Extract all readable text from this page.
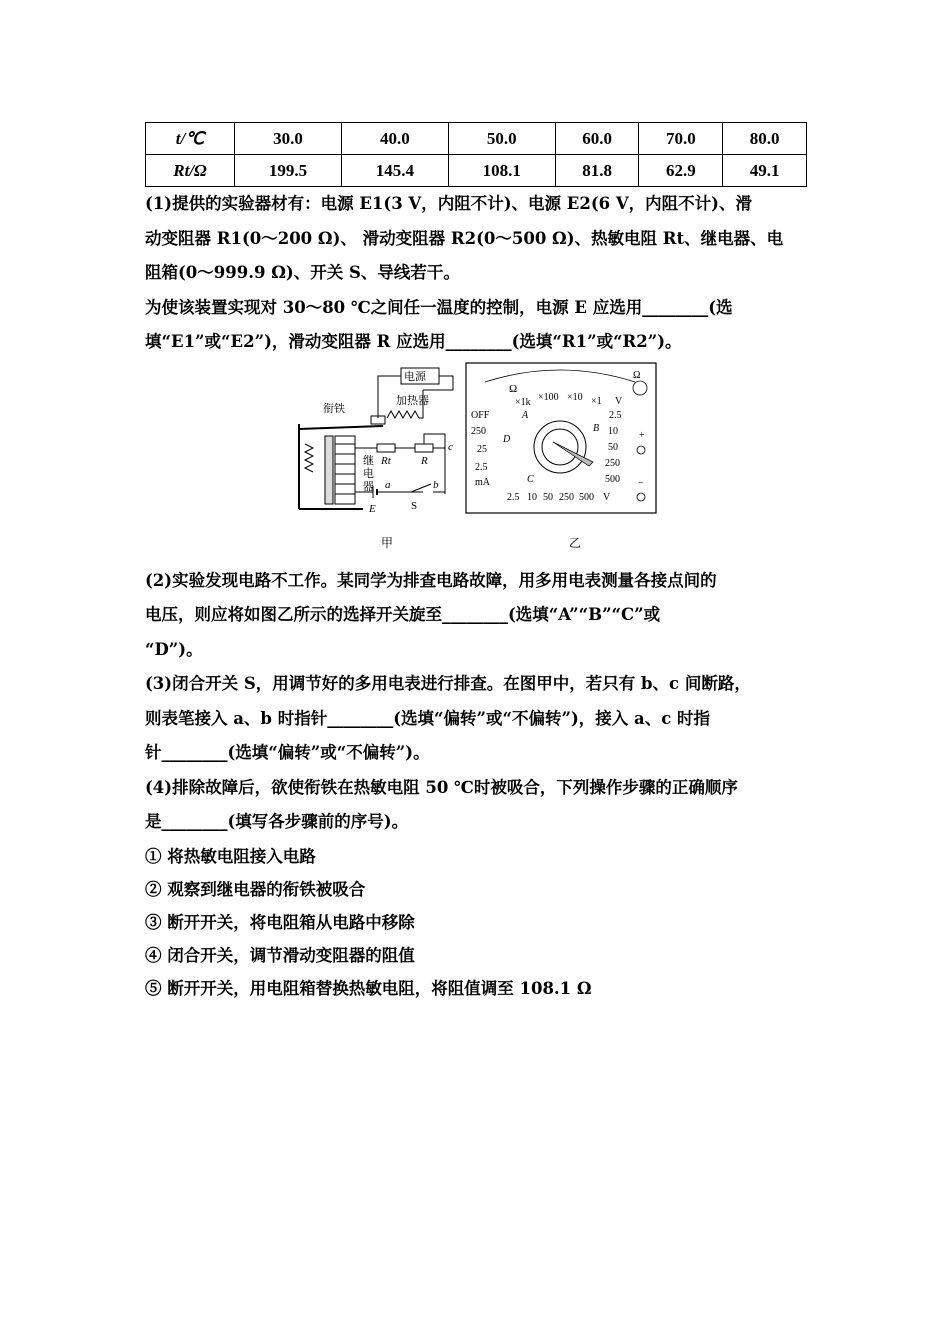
t/℃	30.0	40.0	50.0	60.0	70.0	80.0
Rt/Ω	199.5	145.4	108.1	81.8	62.9	49.1

(1)提供的实验器材有：电源 E1(3 V，内阻不计)、电源 E2(6 V，内阻不计)、滑

动变阻器 R1(0～200 Ω)、 滑动变阻器 R2(0～500 Ω)、热敏电阻 Rt、继电器、电

阻箱(0～999.9 Ω)、开关 S、导线若干。

为使该装置实现对 30～80 ℃之间任一温度的控制，电源 E 应选用________(选

填“E1”或“E2”)，滑动变阻器 R 应选用________(选填“R1”或“R2”)。

电源
加热器
衔铁
继
电
器
Rt	R
c
E
a
S
b
Ω
Ω
×1k ×100 ×10 ×1 V
OFF	A
B
250
D
25
2.5
mA	C
2.5
10
50
250
500
2.5 10 50 250 500 V
+
−
甲	乙

(2)实验发现电路不工作。某同学为排查电路故障，用多用电表测量各接点间的

电压，则应将如图乙所示的选择开关旋至________(选填“A”“B”“C”或

“D”)。

(3)闭合开关 S，用调节好的多用电表进行排查。在图甲中，若只有 b、c 间断路，

则表笔接入 a、b 时指针________(选填“偏转”或“不偏转”)，接入 a、c 时指

针________(选填“偏转”或“不偏转”)。

(4)排除故障后，欲使衔铁在热敏电阻 50 ℃时被吸合，下列操作步骤的正确顺序

是________(填写各步骤前的序号)。

① 将热敏电阻接入电路

② 观察到继电器的衔铁被吸合

③ 断开开关，将电阻箱从电路中移除

④ 闭合开关，调节滑动变阻器的阻值

⑤ 断开开关，用电阻箱替换热敏电阻，将阻值调至 108.1 Ω
